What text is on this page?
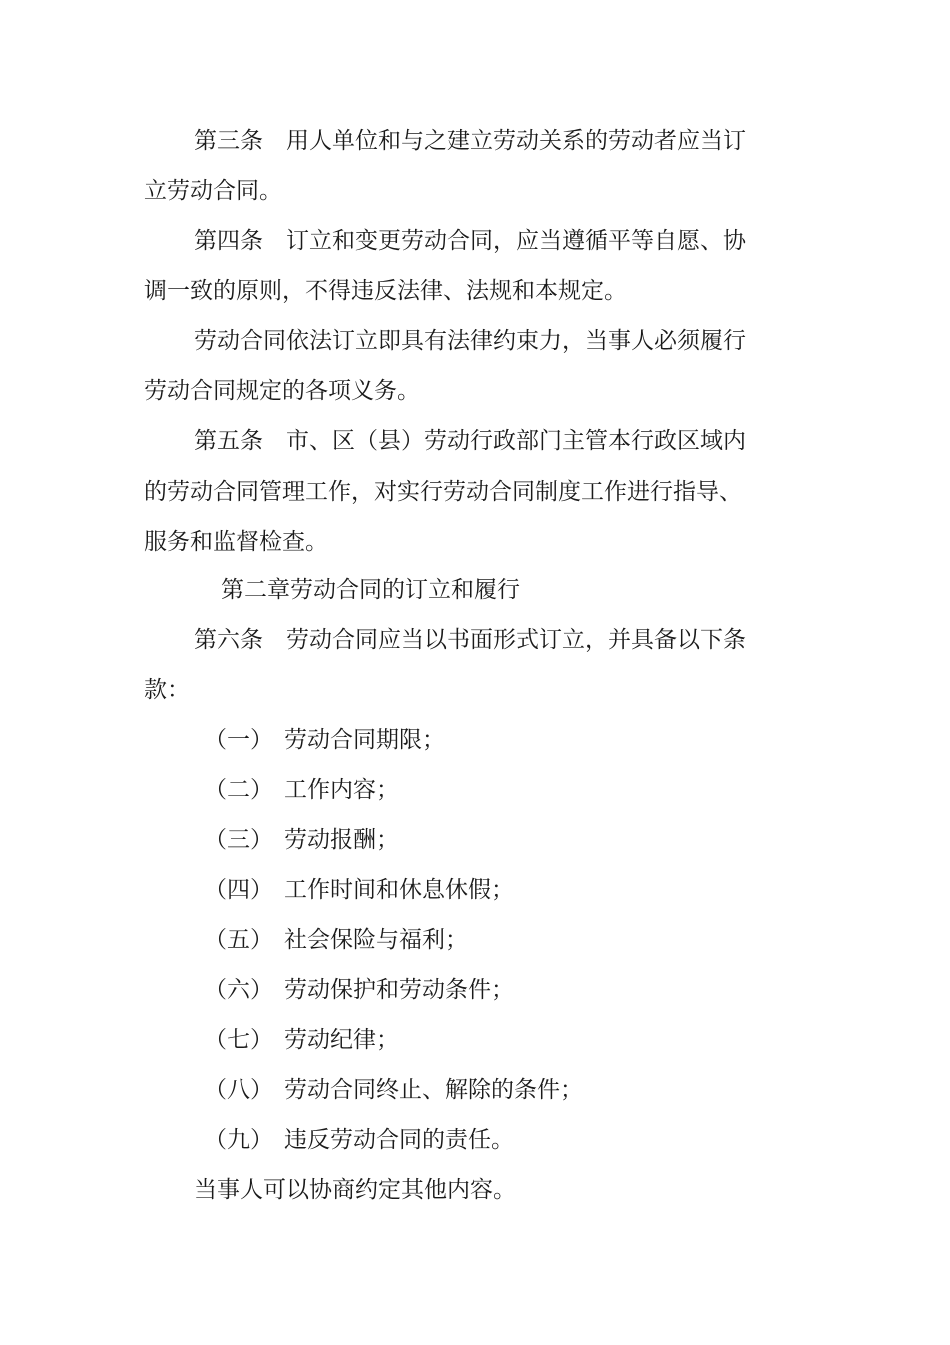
第三条　用人单位和与之建立劳动关系的劳动者应当订
立劳动合同。
第四条　订立和变更劳动合同，应当遵循平等自愿、协
调一致的原则，不得违反法律、法规和本规定。
劳动合同依法订立即具有法律约束力，当事人必须履行
劳动合同规定的各项义务。
第五条　市、区（县）劳动行政部门主管本行政区域内
的劳动合同管理工作，对实行劳动合同制度工作进行指导、
服务和监督检查。
第二章劳动合同的订立和履行
第六条　劳动合同应当以书面形式订立，并具备以下条
款：
（一） 劳动合同期限；
（二） 工作内容；
（三） 劳动报酬；
（四） 工作时间和休息休假；
（五） 社会保险与福利；
（六） 劳动保护和劳动条件；
（七） 劳动纪律；
（八） 劳动合同终止、解除的条件；
（九） 违反劳动合同的责任。
当事人可以协商约定其他内容。
